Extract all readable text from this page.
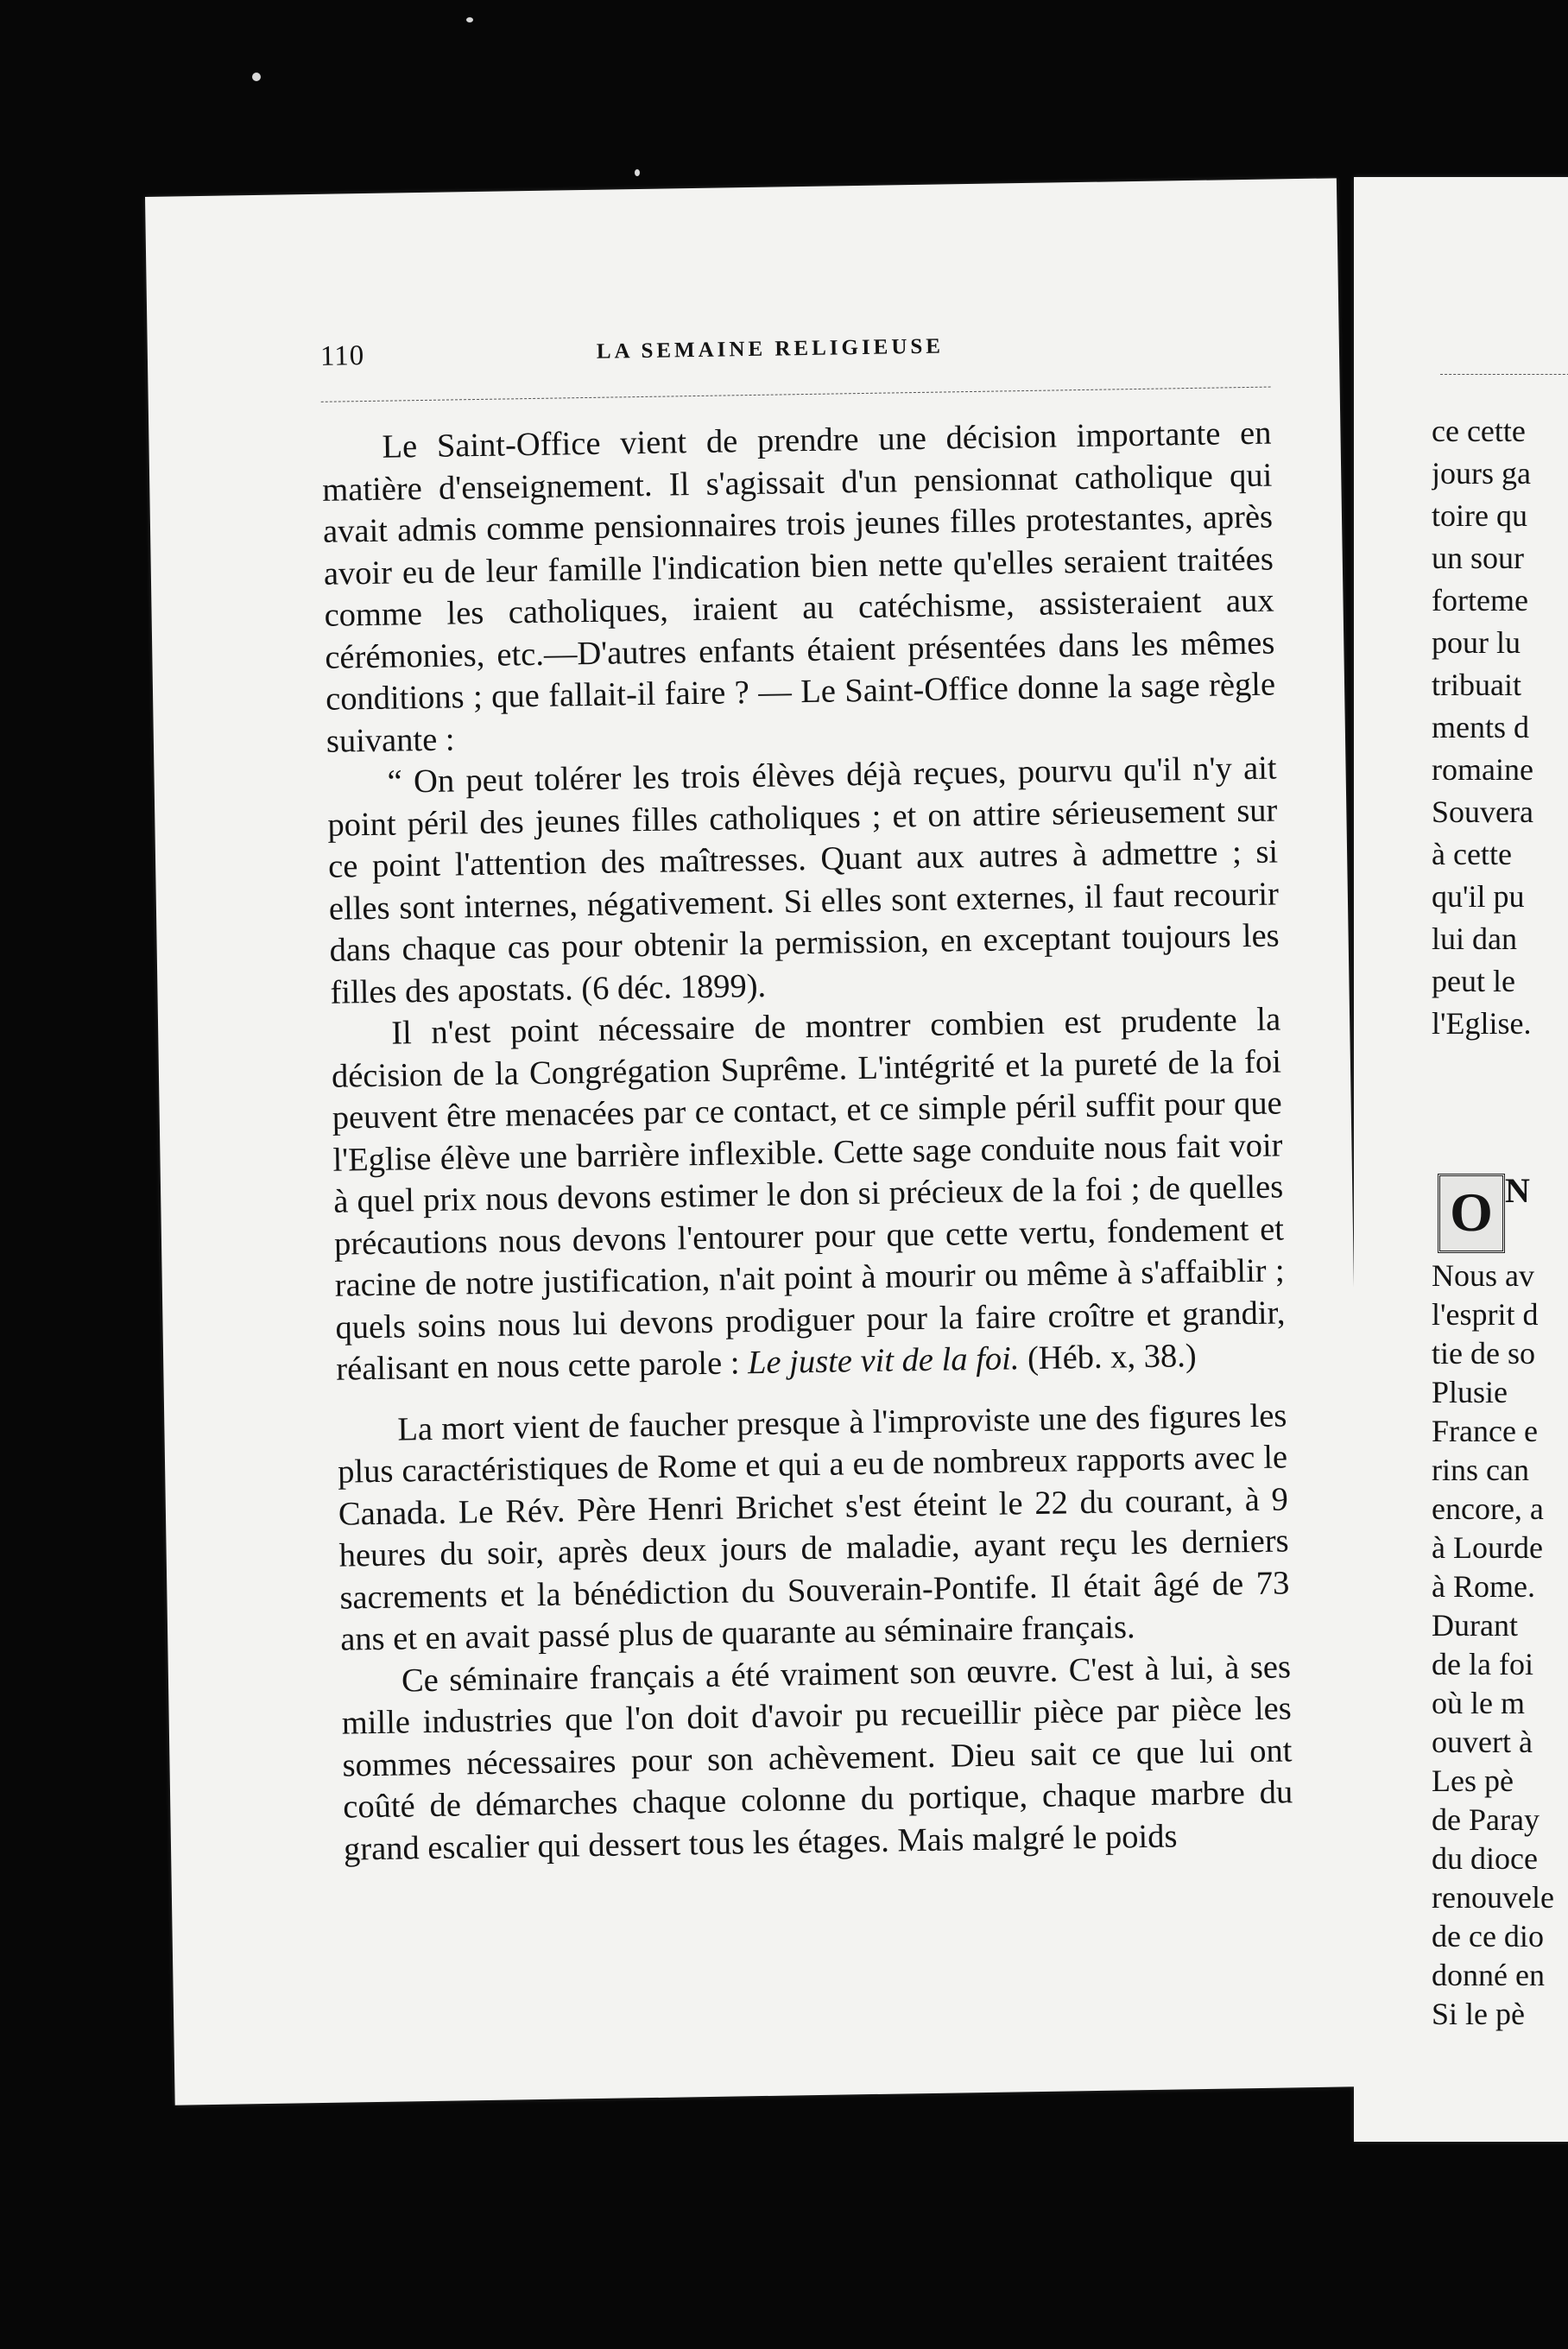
110	LA SEMAINE RELIGIEUSE

Le Saint-Office vient de prendre une décision importante en matière d'enseignement. Il s'agissait d'un pensionnat catholique qui avait admis comme pensionnaires trois jeunes filles protestantes, après avoir eu de leur famille l'indication bien nette qu'elles seraient traitées comme les catholiques, iraient au catéchisme, assisteraient aux cérémonies, etc.—D'autres enfants étaient présentées dans les mêmes conditions ; que fallait-il faire ? — Le Saint-Office donne la sage règle suivante :

“ On peut tolérer les trois élèves déjà reçues, pourvu qu'il n'y ait point péril des jeunes filles catholiques ; et on attire sérieusement sur ce point l'attention des maîtresses. Quant aux autres à admettre ; si elles sont internes, négativement. Si elles sont externes, il faut recourir dans chaque cas pour obtenir la permission, en exceptant toujours les filles des apostats. (6 déc. 1899).

Il n'est point nécessaire de montrer combien est prudente la décision de la Congrégation Suprême. L'intégrité et la pureté de la foi peuvent être menacées par ce contact, et ce simple péril suffit pour que l'Eglise élève une barrière inflexible. Cette sage conduite nous fait voir à quel prix nous devons estimer le don si précieux de la foi ; de quelles précautions nous devons l'entourer pour que cette vertu, fondement et racine de notre justification, n'ait point à mourir ou même à s'affaiblir ; quels soins nous lui devons prodiguer pour la faire croître et grandir, réalisant en nous cette parole : Le juste vit de la foi. (Héb. x, 38.)

La mort vient de faucher presque à l'improviste une des figures les plus caractéristiques de Rome et qui a eu de nombreux rapports avec le Canada. Le Rév. Père Henri Brichet s'est éteint le 22 du courant, à 9 heures du soir, après deux jours de maladie, ayant reçu les derniers sacrements et la bénédiction du Souverain-Pontife. Il était âgé de 73 ans et en avait passé plus de quarante au séminaire français.

Ce séminaire français a été vraiment son œuvre. C'est à lui, à ses mille industries que l'on doit d'avoir pu recueillir pièce par pièce les sommes nécessaires pour son achèvement. Dieu sait ce que lui ont coûté de démarches chaque colonne du portique, chaque marbre du grand escalier qui dessert tous les étages. Mais malgré le poids

ce cette
jours ga
toire qu
un sour
forteme
pour lu
tribuait
ments d
romaine
Souvera
à cette
qu'il pu
lui dan
peut le
l'Eglise.
O N
Nous av
l'esprit d
tie de so
Plusie
France e
rins can
encore, a
à Lourde
à Rome.
Durant
de la foi
où le m
ouvert à
Les pè
de Paray
du dioce
renouvele
de ce dio
donné en
Si le pè
